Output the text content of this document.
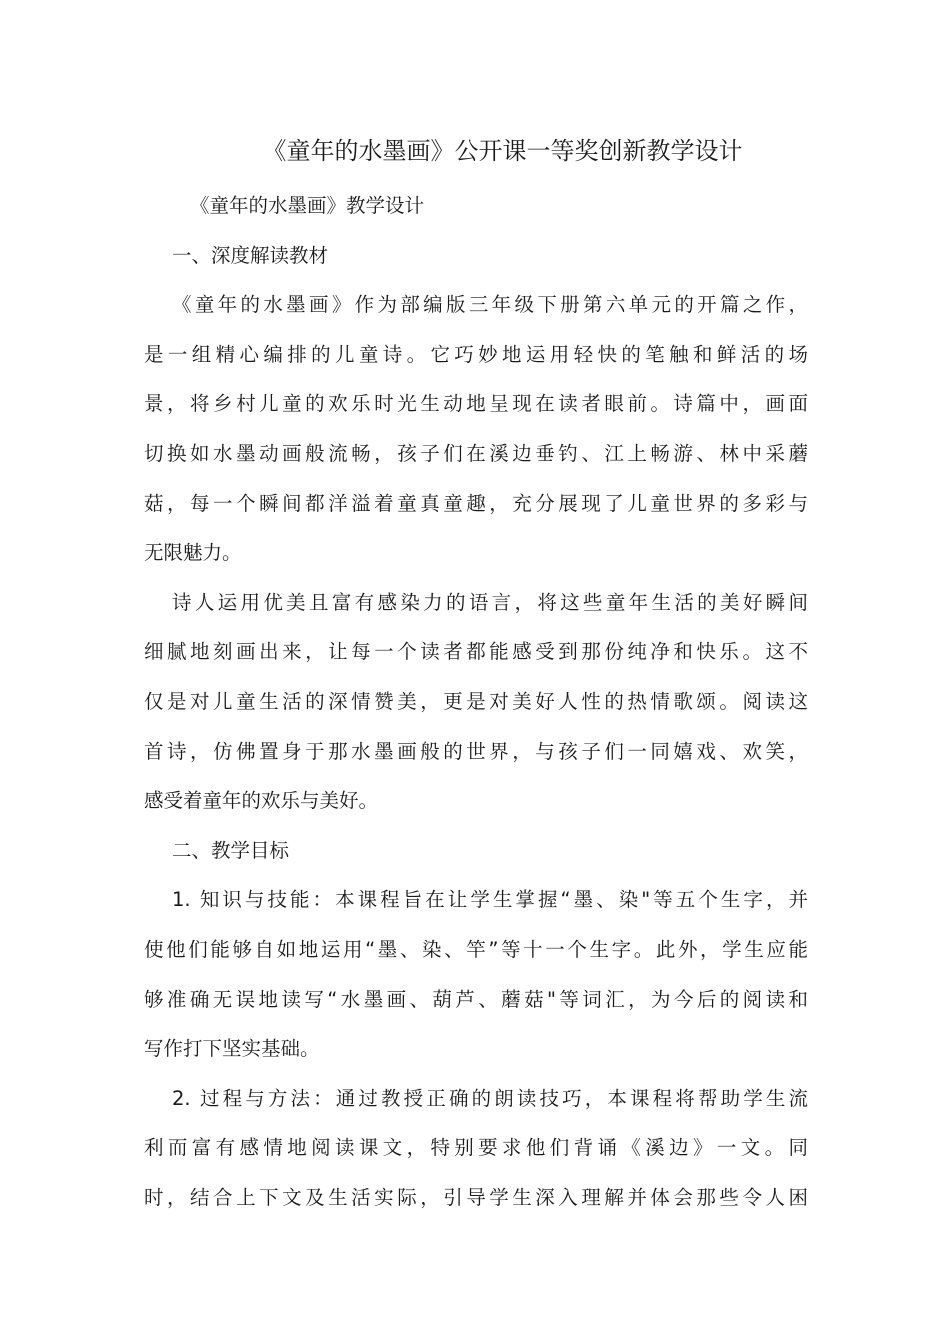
《童年的水墨画》公开课一等奖创新教学设计
《童年的水墨画》教学设计
一、深度解读教材
《童年的水墨画》作为部编版三年级下册第六单元的开篇之作，
是一组精心编排的儿童诗。它巧妙地运用轻快的笔触和鲜活的场
景，将乡村儿童的欢乐时光生动地呈现在读者眼前。诗篇中，画面
切换如水墨动画般流畅，孩子们在溪边垂钓、江上畅游、林中采蘑
菇，每一个瞬间都洋溢着童真童趣，充分展现了儿童世界的多彩与
无限魅力。
诗人运用优美且富有感染力的语言，将这些童年生活的美好瞬间
细腻地刻画出来，让每一个读者都能感受到那份纯净和快乐。这不
仅是对儿童生活的深情赞美，更是对美好人性的热情歌颂。阅读这
首诗，仿佛置身于那水墨画般的世界，与孩子们一同嬉戏、欢笑，
感受着童年的欢乐与美好。
二、教学目标
1. 知识与技能：本课程旨在让学生掌握“墨、染"等五个生字，并
使他们能够自如地运用“墨、染、竿”等十一个生字。此外，学生应能
够准确无误地读写“水墨画、葫芦、蘑菇"等词汇，为今后的阅读和
写作打下坚实基础。
2. 过程与方法：通过教授正确的朗读技巧，本课程将帮助学生流
利而富有感情地阅读课文，特别要求他们背诵《溪边》一文。同
时，结合上下文及生活实际，引导学生深入理解并体会那些令人困
